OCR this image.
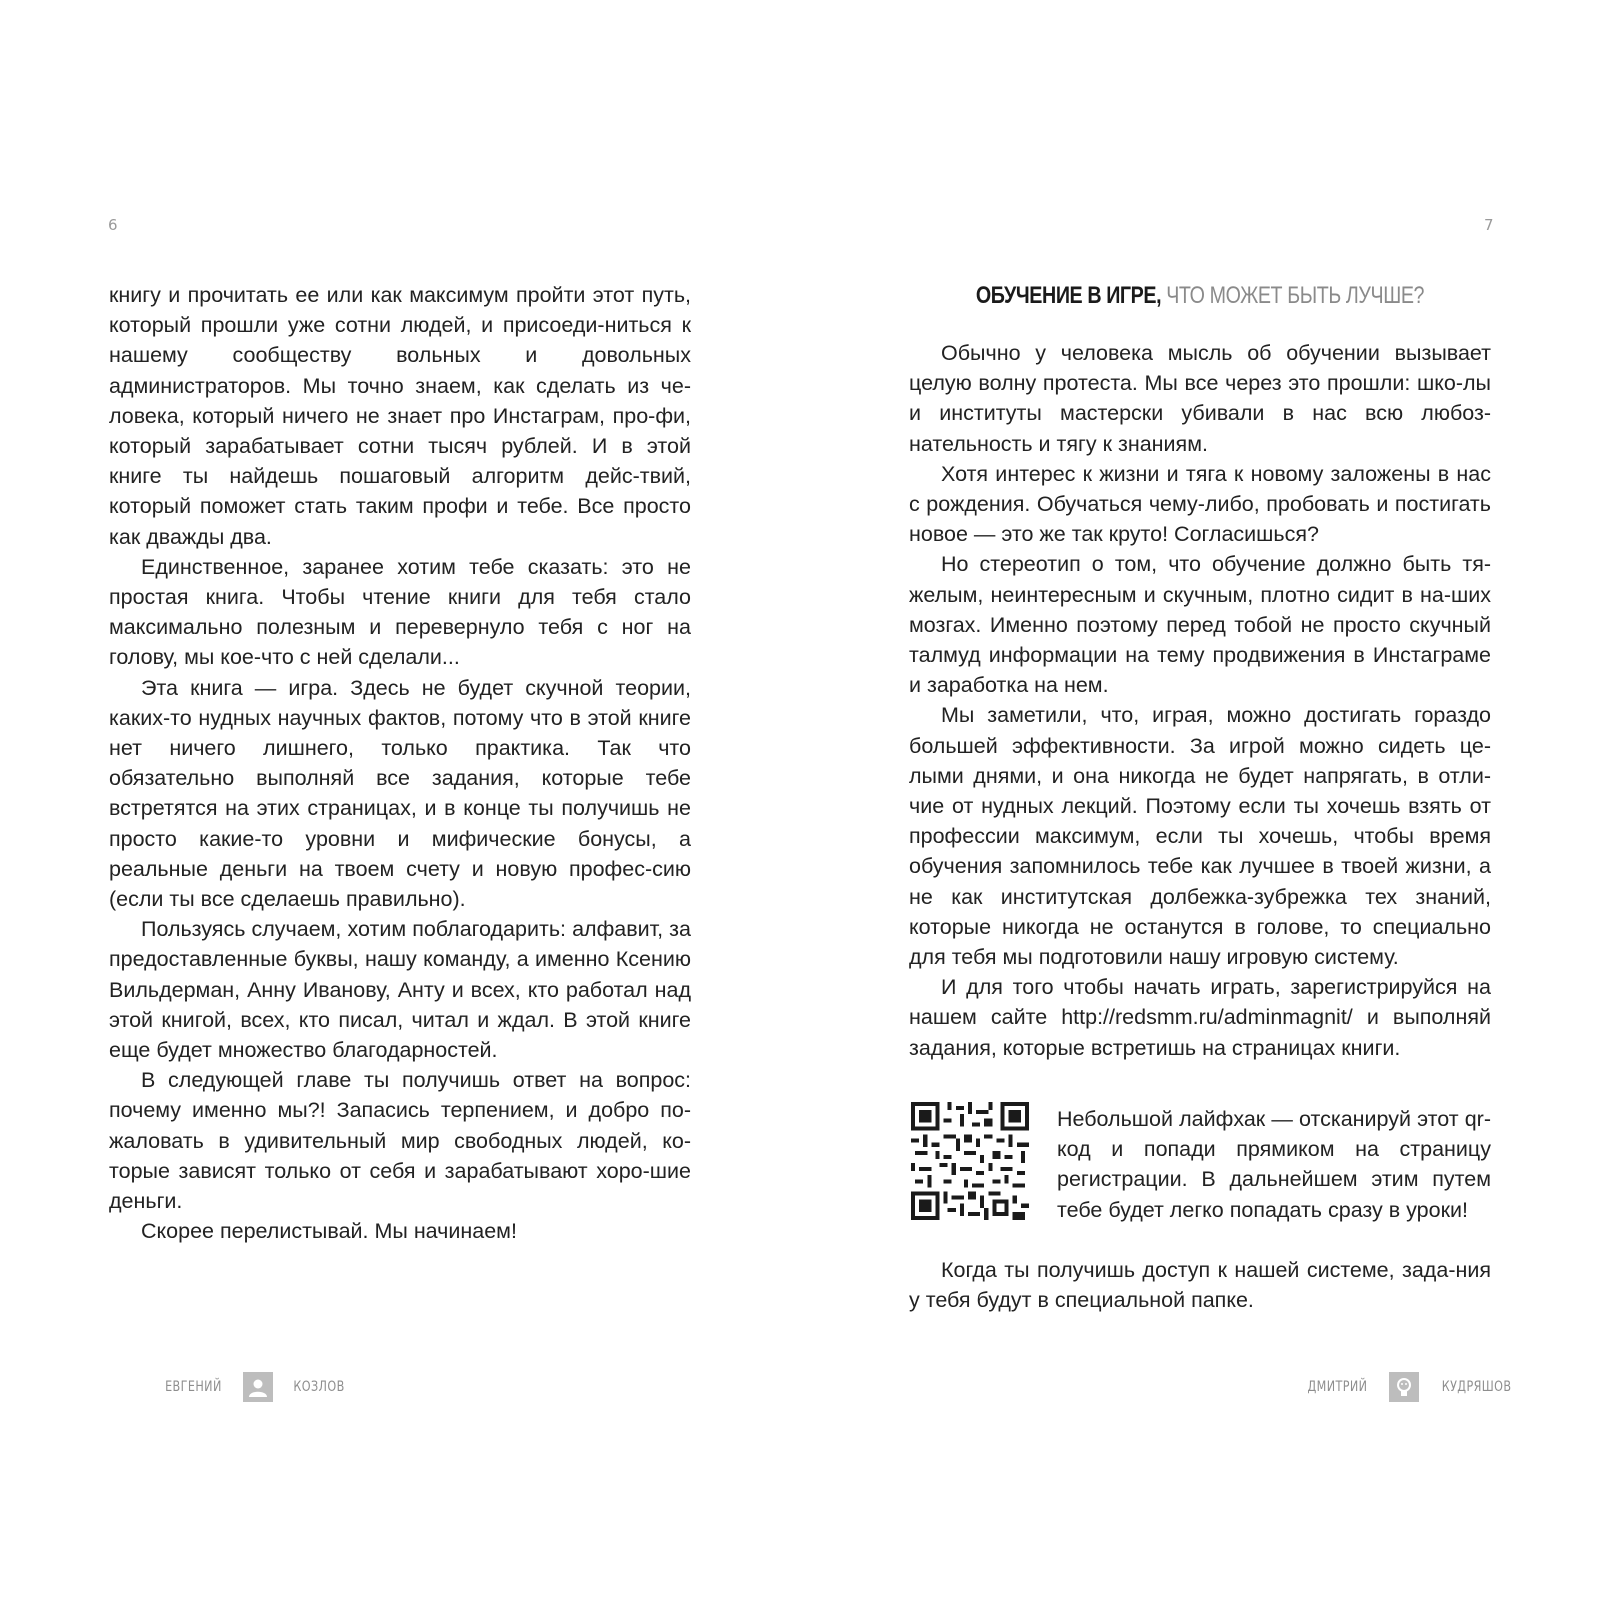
6

книгу и прочитать ее или как максимум пройти этот путь, который прошли уже сотни людей, и присоеди-ниться к нашему сообществу вольных и довольных администраторов. Мы точно знаем, как сделать из че-ловека, который ничего не знает про Инстаграм, про-фи, который зарабатывает сотни тысяч рублей. И в этой книге ты найдешь пошаговый алгоритм дейс-твий, который поможет стать таким профи и тебе. Все просто как дважды два.

Единственное, заранее хотим тебе сказать: это не простая книга. Чтобы чтение книги для тебя стало максимально полезным и перевернуло тебя с ног на голову, мы кое-что с ней сделали...

Эта книга — игра. Здесь не будет скучной теории, каких-то нудных научных фактов, потому что в этой книге нет ничего лишнего, только практика. Так что обязательно выполняй все задания, которые тебе встретятся на этих страницах, и в конце ты получишь не просто какие-то уровни и мифические бонусы, а реальные деньги на твоем счету и новую профес-сию (если ты все сделаешь правильно).

Пользуясь случаем, хотим поблагодарить: алфавит, за предоставленные буквы, нашу команду, а именно Ксению Вильдерман, Анну Иванову, Анту и всех, кто работал над этой книгой, всех, кто писал, читал и ждал. В этой книге еще будет множество благодарностей.

В следующей главе ты получишь ответ на вопрос: почему именно мы?! Запасись терпением, и добро по-жаловать в удивительный мир свободных людей, ко-торые зависят только от себя и зарабатывают хоро-шие деньги.

Скорее перелистывай. Мы начинаем!

ЕВГЕНИЙ	КОЗЛОВ
7

ОБУЧЕНИЕ В ИГРЕ, ЧТО МОЖЕТ БЫТЬ ЛУЧШЕ?

Обычно у человека мысль об обучении вызывает целую волну протеста. Мы все через это прошли: шко-лы и институты мастерски убивали в нас всю любоз-нательность и тягу к знаниям.

Хотя интерес к жизни и тяга к новому заложены в нас с рождения. Обучаться чему-либо, пробовать и постигать новое — это же так круто! Согласишься?

Но стереотип о том, что обучение должно быть тя-желым, неинтересным и скучным, плотно сидит в на-ших мозгах. Именно поэтому перед тобой не просто скучный талмуд информации на тему продвижения в Инстаграме и заработка на нем.

Мы заметили, что, играя, можно достигать гораздо большей эффективности. За игрой можно сидеть це-лыми днями, и она никогда не будет напрягать, в отли-чие от нудных лекций. Поэтому если ты хочешь взять от профессии максимум, если ты хочешь, чтобы время обучения запомнилось тебе как лучшее в твоей жизни, а не как институтская долбежка-зубрежка тех знаний, которые никогда не останутся в голове, то специально для тебя мы подготовили нашу игровую систему.

И для того чтобы начать играть, зарегистрируйся на нашем сайте http://redsmm.ru/adminmagnit/ и выполняй задания, которые встретишь на страницах книги.

Небольшой лайфхак — отсканируй этот qr-код и попади прямиком на страницу регистрации. В дальнейшем этим путем тебе будет легко попадать сразу в уроки!

Когда ты получишь доступ к нашей системе, зада-ния у тебя будут в специальной папке.

ДМИТРИЙ	КУДРЯШОВ
